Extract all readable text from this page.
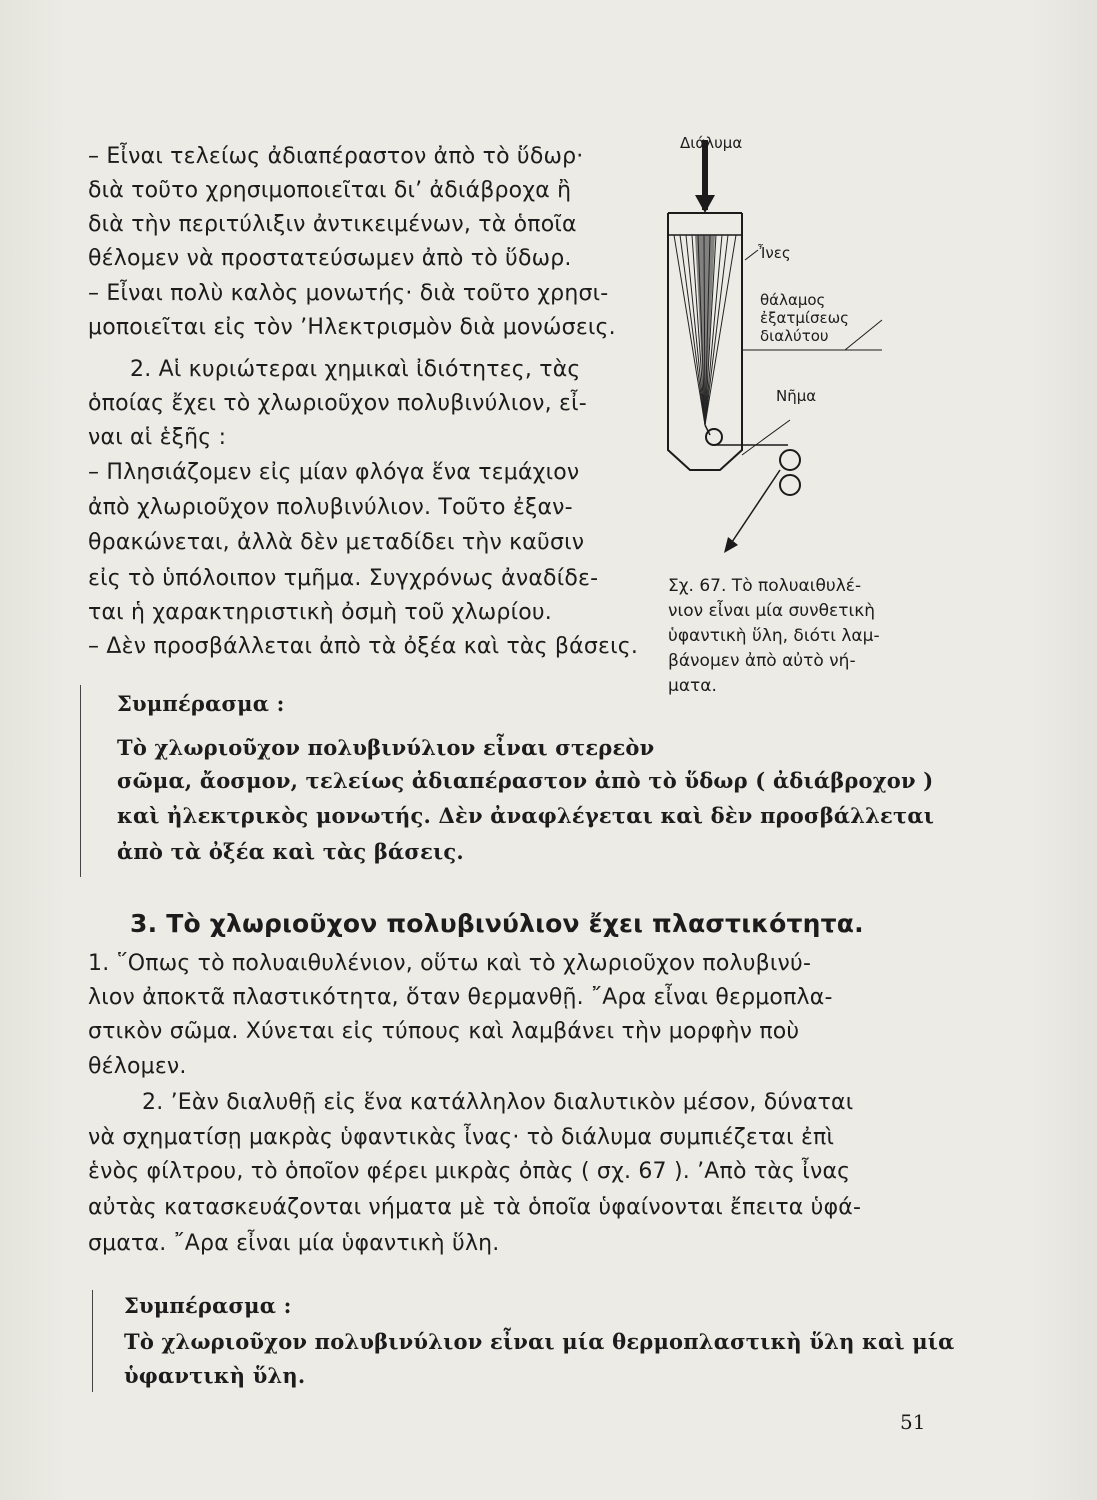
– Εἶναι τελείως ἀδιαπέραστον ἀπὸ τὸ ὕδωρ·
διὰ τοῦτο χρησιμοποιεῖται δι’ ἀδιάβροχα ἢ
διὰ τὴν περιτύλιξιν ἀντικειμένων, τὰ ὁποῖα
θέλομεν νὰ προστατεύσωμεν ἀπὸ τὸ ὕδωρ.
– Εἶναι πολὺ καλὸς μονωτής· διὰ τοῦτο χρησι-
μοποιεῖται εἰς τὸν ’Ηλεκτρισμὸν διὰ μονώσεις.
2. Αἱ κυριώτεραι χημικαὶ ἰδιότητες, τὰς
ὁποίας ἔχει τὸ χλωριοῦχον πολυβινύλιον, εἶ-
ναι αἱ ἑξῆς :
– Πλησιάζομεν εἰς μίαν φλόγα ἕνα τεμάχιον
ἀπὸ χλωριοῦχον πολυβινύλιον. Τοῦτο ἐξαν-
θρακώνεται, ἀλλὰ δὲν μεταδίδει τὴν καῦσιν
εἰς τὸ ὑπόλοιπον τμῆμα. Συγχρόνως ἀναδίδε-
ται ἡ χαρακτηριστικὴ ὀσμὴ τοῦ χλωρίου.
– Δὲν προσβάλλεται ἀπὸ τὰ ὀξέα καὶ τὰς βάσεις.
Διάλυμα
Ἶνες
θάλαμος
ἐξατμίσεως
διαλύτου
Νῆμα
Σχ. 67. Τὸ πολυαιθυλέ-
νιον εἶναι μία συνθετικὴ
ὑφαντικὴ ὕλη, διότι λαμ-
βάνομεν ἀπὸ αὐτὸ νή-
ματα.
Συμπέρασμα :
Τὸ χλωριοῦχον πολυβινύλιον εἶναι στερεὸν
σῶμα, ἄοσμον, τελείως ἀδιαπέραστον ἀπὸ τὸ ὕδωρ ( ἀδιάβροχον )
καὶ ἠλεκτρικὸς μονωτής. Δὲν ἀναφλέγεται καὶ δὲν προσβάλλεται
ἀπὸ τὰ ὀξέα καὶ τὰς βάσεις.
3. Τὸ χλωριοῦχον πολυβινύλιον ἔχει πλαστικότητα.
1. ῞Οπως τὸ πολυαιθυλένιον, οὕτω καὶ τὸ χλωριοῦχον πολυβινύ-
λιον ἀποκτᾶ πλαστικότητα, ὅταν θερμανθῇ. ῎Αρα εἶναι θερμοπλα-
στικὸν σῶμα. Χύνεται εἰς τύπους καὶ λαμβάνει τὴν μορφὴν ποὺ
θέλομεν.
2. ’Εὰν διαλυθῇ εἰς ἕνα κατάλληλον διαλυτικὸν μέσον, δύναται
νὰ σχηματίσῃ μακρὰς ὑφαντικὰς ἶνας· τὸ διάλυμα συμπιέζεται ἐπὶ
ἑνὸς φίλτρου, τὸ ὁποῖον φέρει μικρὰς ὀπὰς ( σχ. 67 ). ’Απὸ τὰς ἶνας
αὐτὰς κατασκευάζονται νήματα μὲ τὰ ὁποῖα ὑφαίνονται ἔπειτα ὑφά-
σματα. ῎Αρα εἶναι μία ὑφαντικὴ ὕλη.
Συμπέρασμα :
Τὸ χλωριοῦχον πολυβινύλιον εἶναι μία θερμοπλαστικὴ ὕλη καὶ μία
ὑφαντικὴ ὕλη.
51
